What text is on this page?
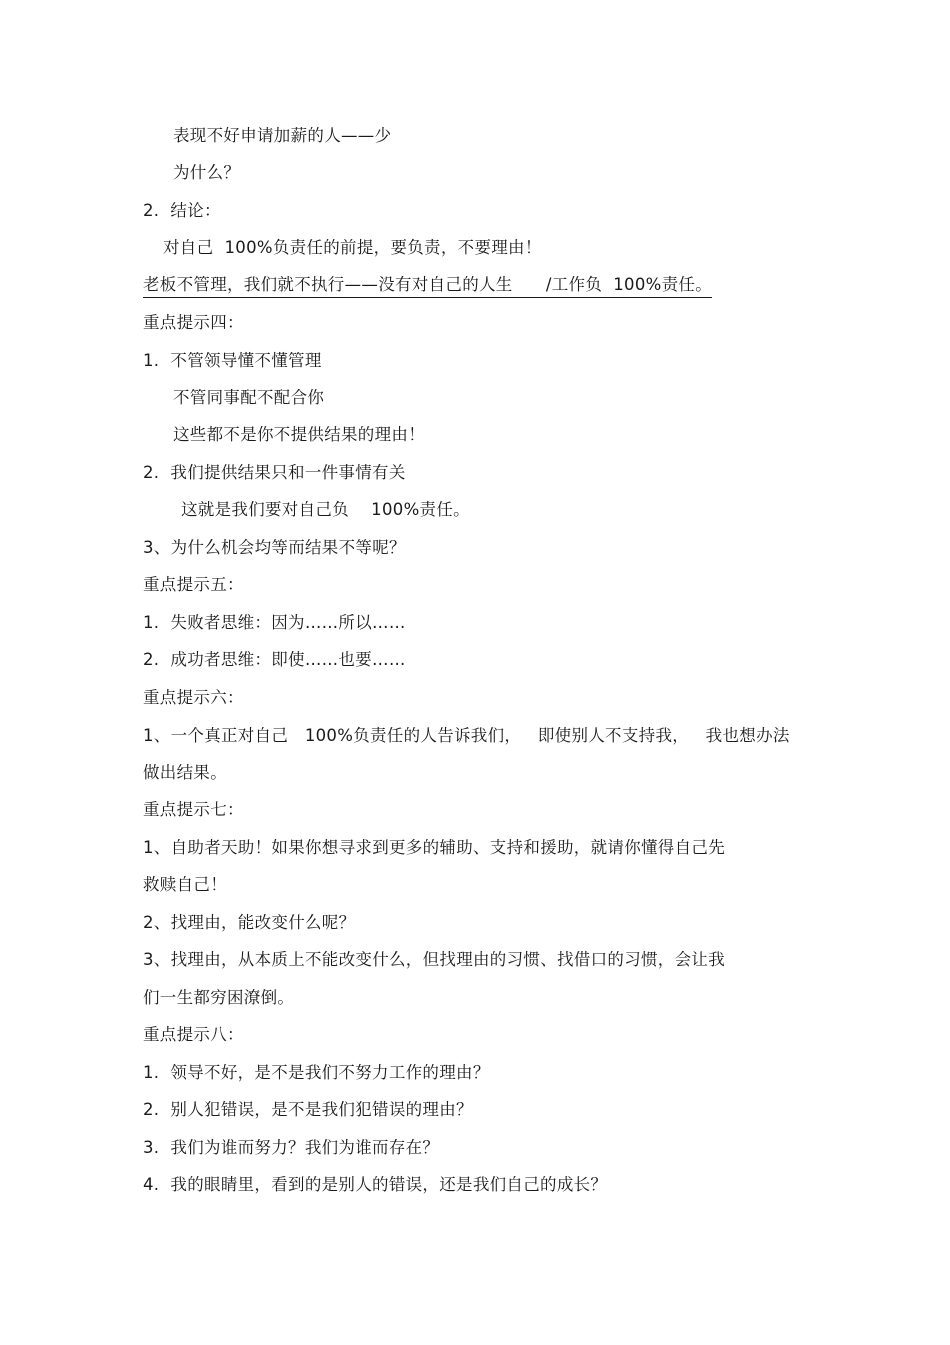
表现不好申请加薪的人——少

为什么？

2.  结论：

对自己  100%负责任的前提，要负责，不要理由！

老板不管理，我们就不执行——没有对自己的人生      /工作负  100%责任。

重点提示四：

1.  不管领导懂不懂管理

不管同事配不配合你

这些都不是你不提供结果的理由！

2.  我们提供结果只和一件事情有关

这就是我们要对自己负    100%责任。

3、为什么机会均等而结果不等呢？

重点提示五：

1.  失败者思维：因为……所以……

2.  成功者思维：即使……也要……

重点提示六：

1、一个真正对自己   100%负责任的人告诉我们，   即使别人不支持我，   我也想办法

做出结果。

重点提示七：

1、自助者天助！如果你想寻求到更多的辅助、支持和援助，就请你懂得自己先

救赎自己！

2、找理由，能改变什么呢？

3、找理由，从本质上不能改变什么，但找理由的习惯、找借口的习惯，会让我

们一生都穷困潦倒。

重点提示八：

1.  领导不好，是不是我们不努力工作的理由？

2.  别人犯错误，是不是我们犯错误的理由？

3.  我们为谁而努力？我们为谁而存在？

4.  我的眼睛里，看到的是别人的错误，还是我们自己的成长？
